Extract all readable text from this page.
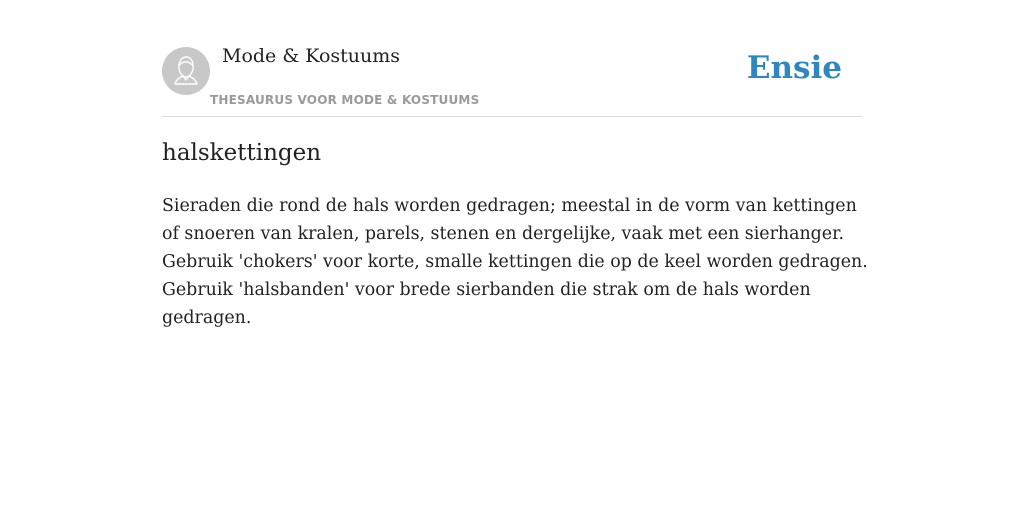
Mode & Kostuums
THESAURUS VOOR MODE & KOSTUUMS
Ensie
halskettingen

Sieraden die rond de hals worden gedragen; meestal in de vorm van kettingen of snoeren van kralen, parels, stenen en dergelijke, vaak met een sierhanger. Gebruik 'chokers' voor korte, smalle kettingen die op de keel worden gedragen. Gebruik 'halsbanden' voor brede sierbanden die strak om de hals worden gedragen.
